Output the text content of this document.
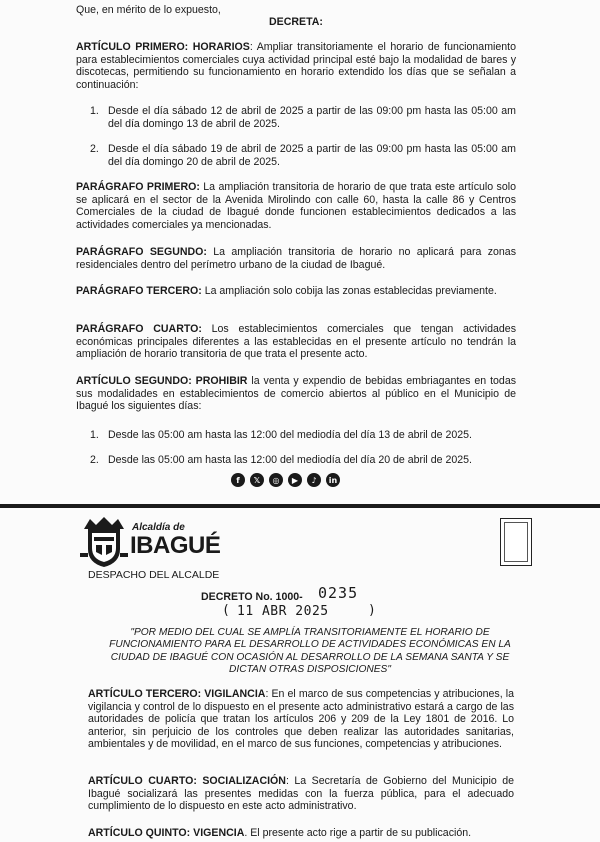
Que, en mérito de lo expuesto,
DECRETA:
ARTÍCULO PRIMERO: HORARIOS: Ampliar transitoriamente el horario de funcionamiento para establecimientos comerciales cuya actividad principal esté bajo la modalidad de bares y discotecas, permitiendo su funcionamiento en horario extendido los días que se señalan a continuación:
1. Desde el día sábado 12 de abril de 2025 a partir de las 09:00 pm hasta las 05:00 am del día domingo 13 de abril de 2025.
2. Desde el día sábado 19 de abril de 2025 a partir de las 09:00 pm hasta las 05:00 am del día domingo 20 de abril de 2025.
PARÁGRAFO PRIMERO: La ampliación transitoria de horario de que trata este artículo solo se aplicará en el sector de la Avenida Mirolindo con calle 60, hasta la calle 86 y Centros Comerciales de la ciudad de Ibagué donde funcionen establecimientos dedicados a las actividades comerciales ya mencionadas.
PARÁGRAFO SEGUNDO: La ampliación transitoria de horario no aplicará para zonas residenciales dentro del perímetro urbano de la ciudad de Ibagué.
PARÁGRAFO TERCERO: La ampliación solo cobija las zonas establecidas previamente.
PARÁGRAFO CUARTO: Los establecimientos comerciales que tengan actividades económicas principales diferentes a las establecidas en el presente artículo no tendrán la ampliación de horario transitoria de que trata el presente acto.
ARTÍCULO SEGUNDO: PROHIBIR la venta y expendio de bebidas embriagantes en todas sus modalidades en establecimientos de comercio abiertos al público en el Municipio de Ibagué los siguientes días:
1. Desde las 05:00 am hasta las 12:00 del mediodía del día 13 de abril de 2025.
2. Desde las 05:00 am hasta las 12:00 del mediodía del día 20 de abril de 2025.
f	𝕏	◎	▶	♪	in
Alcaldía de
IBAGUÉ
DESPACHO DEL ALCALDE
DECRETO No. 1000- 0235
( 11 ABR 2025	)
"POR MEDIO DEL CUAL SE AMPLÍA TRANSITORIAMENTE EL HORARIO DE FUNCIONAMIENTO PARA EL DESARROLLO DE ACTIVIDADES ECONÓMICAS EN LA CIUDAD DE IBAGUÉ CON OCASIÓN AL DESARROLLO DE LA SEMANA SANTA Y SE DICTAN OTRAS DISPOSICIONES"
ARTÍCULO TERCERO: VIGILANCIA: En el marco de sus competencias y atribuciones, la vigilancia y control de lo dispuesto en el presente acto administrativo estará a cargo de las autoridades de policía que tratan los artículos 206 y 209 de la Ley 1801 de 2016. Lo anterior, sin perjuicio de los controles que deben realizar las autoridades sanitarias, ambientales y de movilidad, en el marco de sus funciones, competencias y atribuciones.
ARTÍCULO CUARTO: SOCIALIZACIÓN: La Secretaría de Gobierno del Municipio de Ibagué socializará las presentes medidas con la fuerza pública, para el adecuado cumplimiento de lo dispuesto en este acto administrativo.
ARTÍCULO QUINTO: VIGENCIA. El presente acto rige a partir de su publicación.
